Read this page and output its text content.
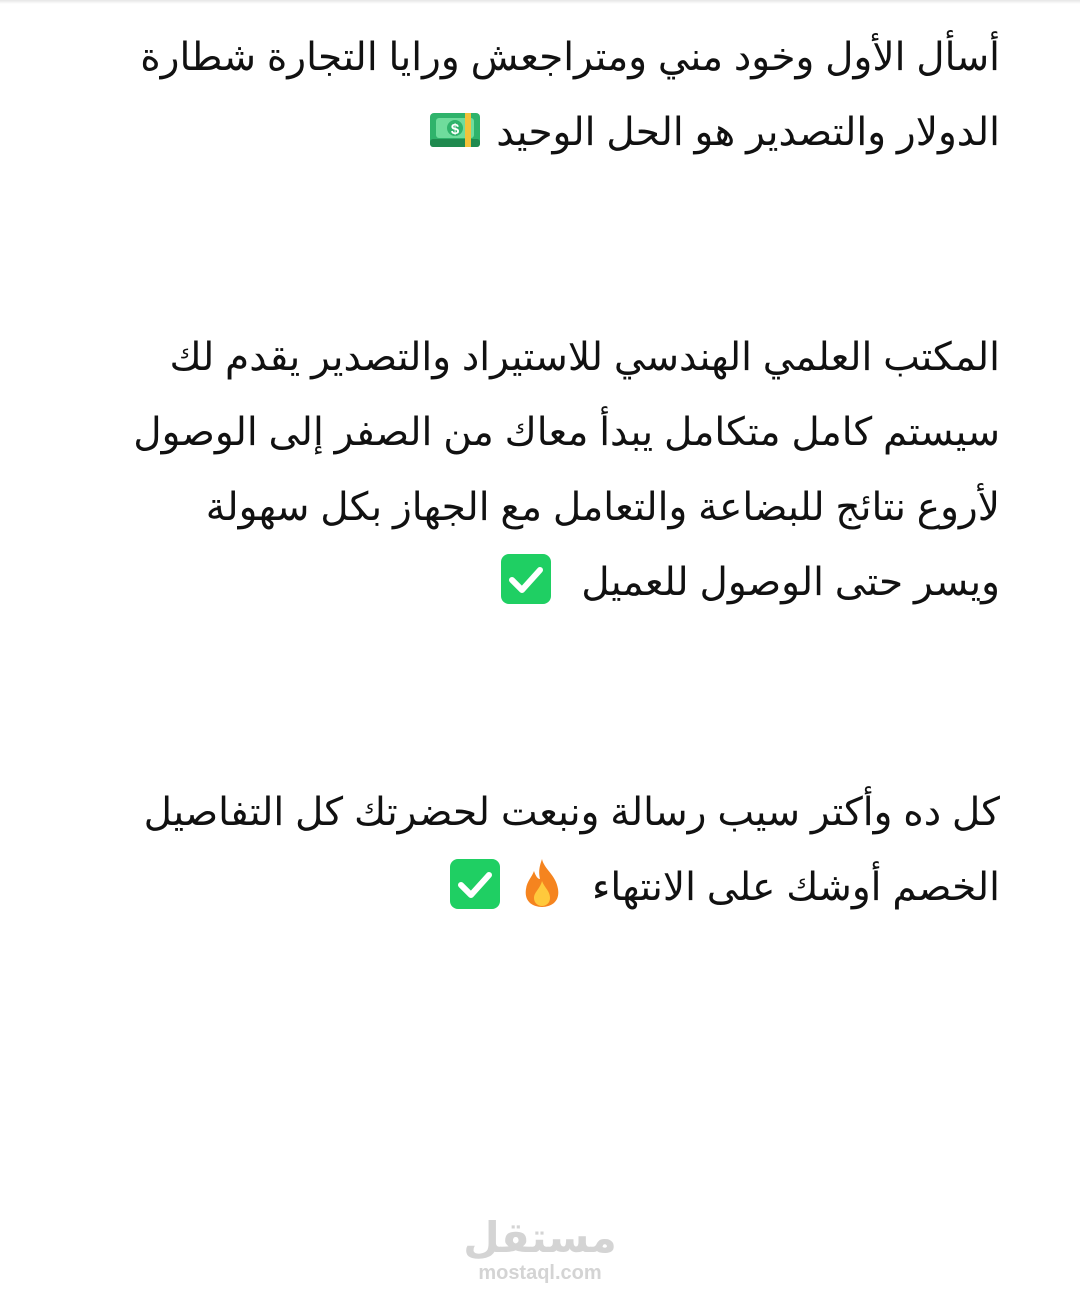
أسأل الأول وخود مني ومتراجعش ورايا التجارة شطارة
الدولار والتصدير هو الحل الوحيد
$

المكتب العلمي الهندسي للاستيراد والتصدير يقدم لك
سيستم كامل متكامل يبدأ معاك من الصفر إلى الوصول
لأروع نتائج للبضاعة والتعامل مع الجهاز بكل سهولة
ويسر حتى الوصول للعميل

كل ده وأكتر سيب رسالة ونبعت لحضرتك كل التفاصيل
الخصم أوشك على الانتهاء

مستقل
mostaql.com
